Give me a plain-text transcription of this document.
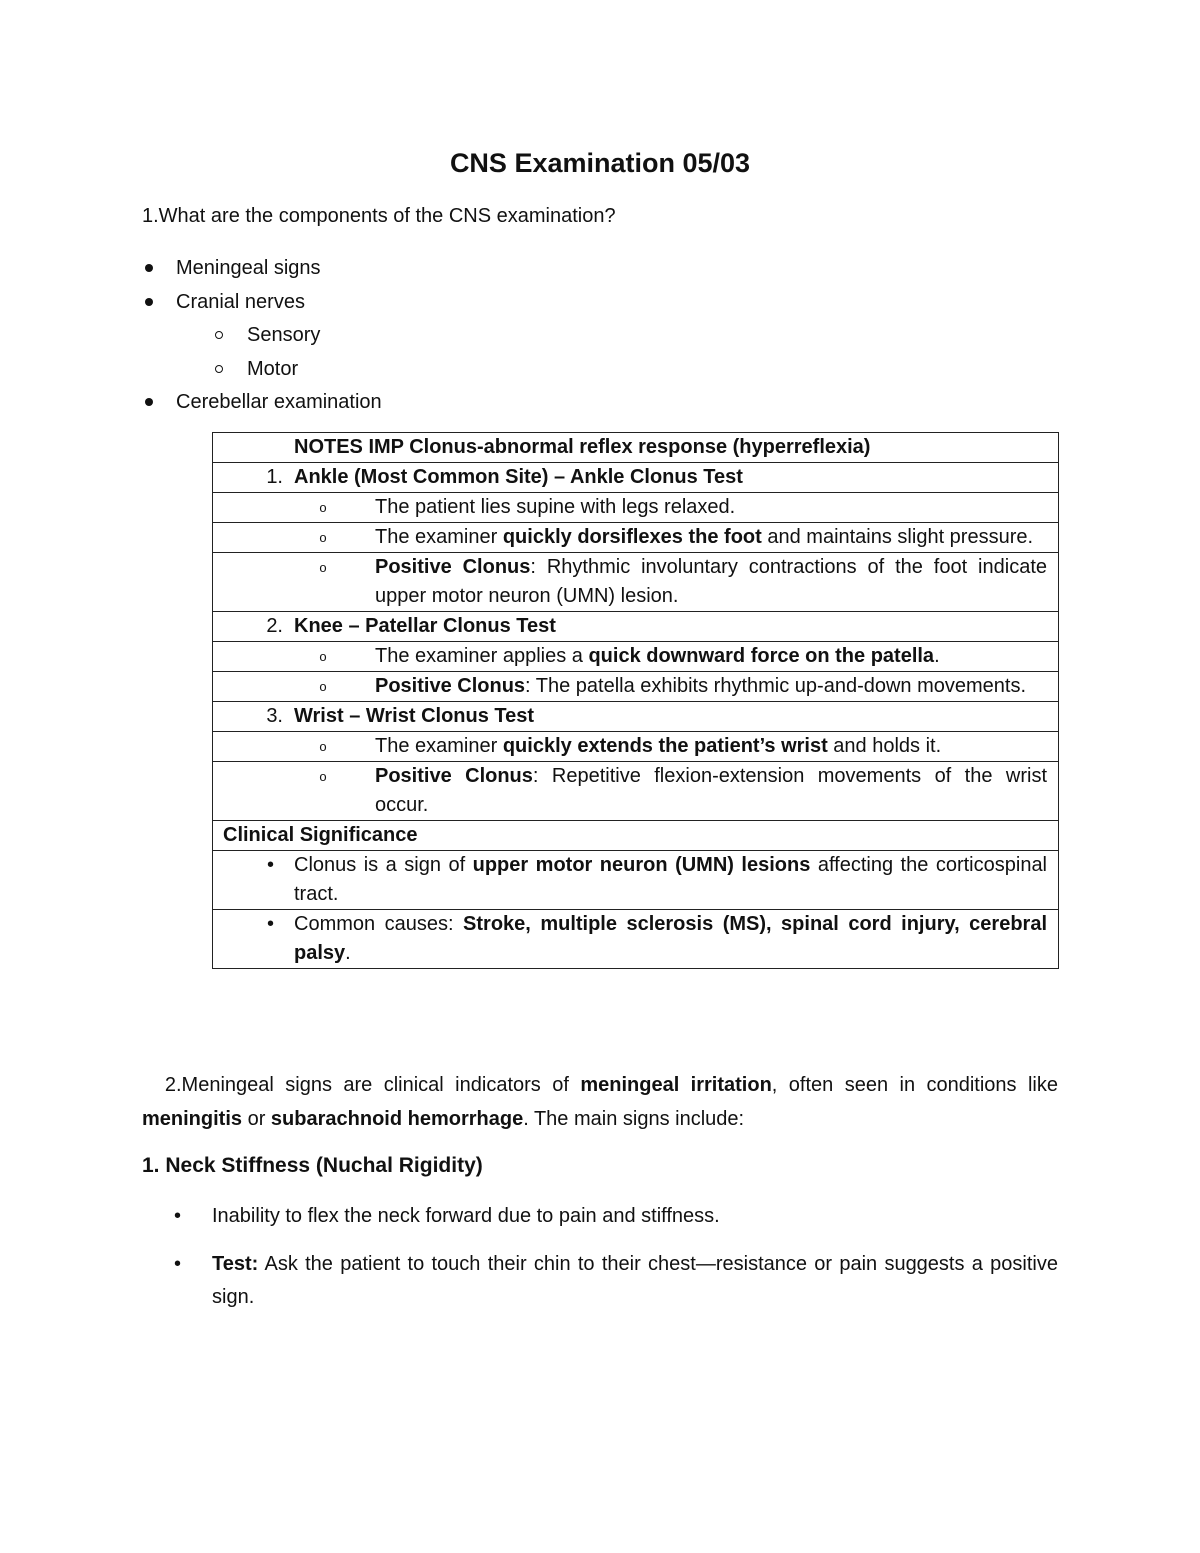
CNS Examination 05/03
1.What are the components of the CNS examination?
Meningeal signs
Cranial nerves
Sensory
Motor
Cerebellar examination
NOTES IMP Clonus-abnormal reflex response (hyperreflexia)

1. Ankle (Most Common Site) – Ankle Clonus Test

o	The patient lies supine with legs relaxed.

o	The examiner quickly dorsiflexes the foot and maintains slight pressure.

o	Positive Clonus: Rhythmic involuntary contractions of the foot indicate upper motor neuron (UMN) lesion.

2. Knee – Patellar Clonus Test

o	The examiner applies a quick downward force on the patella.

o	Positive Clonus: The patella exhibits rhythmic up-and-down movements.

3. Wrist – Wrist Clonus Test

o	The examiner quickly extends the patient’s wrist and holds it.

o	Positive Clonus: Repetitive flexion-extension movements of the wrist occur.

Clinical Significance

•	Clonus is a sign of upper motor neuron (UMN) lesions affecting the corticospinal tract.

•	Common causes: Stroke, multiple sclerosis (MS), spinal cord injury, cerebral palsy.
2.Meningeal signs are clinical indicators of meningeal irritation, often seen in conditions like meningitis or subarachnoid hemorrhage. The main signs include:
1. Neck Stiffness (Nuchal Rigidity)
• Inability to flex the neck forward due to pain and stiffness.
• Test: Ask the patient to touch their chin to their chest—resistance or pain suggests a positive sign.
